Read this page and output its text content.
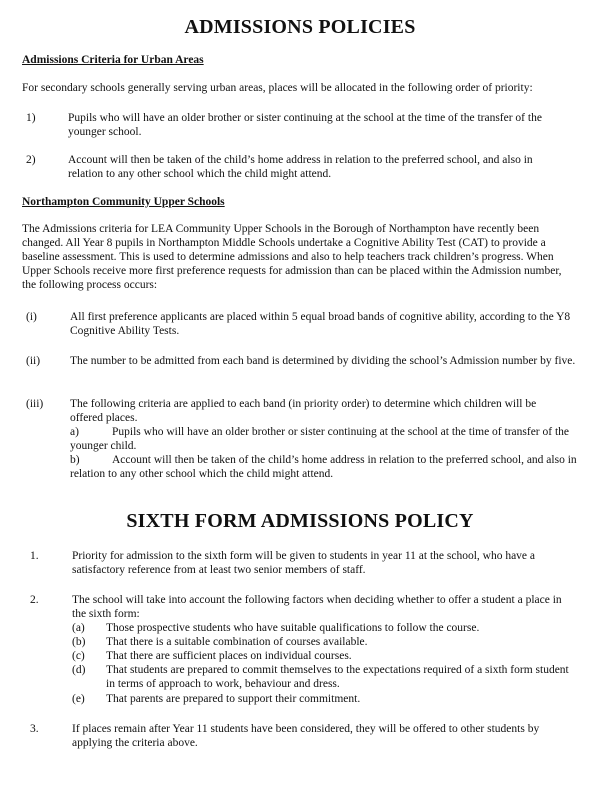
ADMISSIONS POLICIES
Admissions Criteria for Urban Areas

For secondary schools generally serving urban areas, places will be allocated in the following order of priority:

1)	Pupils who will have an older brother or sister continuing at the school at the time of the transfer of the younger school.

2)	Account will then be taken of the child’s home address in relation to the preferred school, and also in relation to any other school which the child might attend.

Northampton Community Upper Schools

The Admissions criteria for LEA Community Upper Schools in the Borough of Northampton have recently been changed. All Year 8 pupils in Northampton Middle Schools undertake a Cognitive Ability Test (CAT) to provide a baseline assessment. This is used to determine admissions and also to help teachers track children’s progress. When Upper Schools receive more first preference requests for admission than can be placed within the Admission number, the following process occurs:

(i)	All first preference applicants are placed within 5 equal broad bands of cognitive ability, according to the Y8 Cognitive Ability Tests.

(ii)	The number to be admitted from each band is determined by dividing the school’s Admission number by five.

(iii) The following criteria are applied to each band (in priority order) to determine which children will be offered places.

a)	Pupils who will have an older brother or sister continuing at the school at the time of transfer of the younger child.

b)	Account will then be taken of the child’s home address in relation to the preferred school, and also in relation to any other school which the child might attend.

SIXTH FORM ADMISSIONS POLICY
1.	Priority for admission to the sixth form will be given to students in year 11 at the school, who have a satisfactory reference from at least two senior members of staff.

2.	The school will take into account the following factors when deciding whether to offer a student a place in the sixth form:

(a) Those prospective students who have suitable qualifications to follow the course.
(b) That there is a suitable combination of courses available.
(c) That there are sufficient places on individual courses.
(d)	That students are prepared to commit themselves to the expectations required of a sixth form student in terms of approach to work, behaviour and dress.
(e) That parents are prepared to support their commitment.
3.	If places remain after Year 11 students have been considered, they will be offered to other students by applying the criteria above.
